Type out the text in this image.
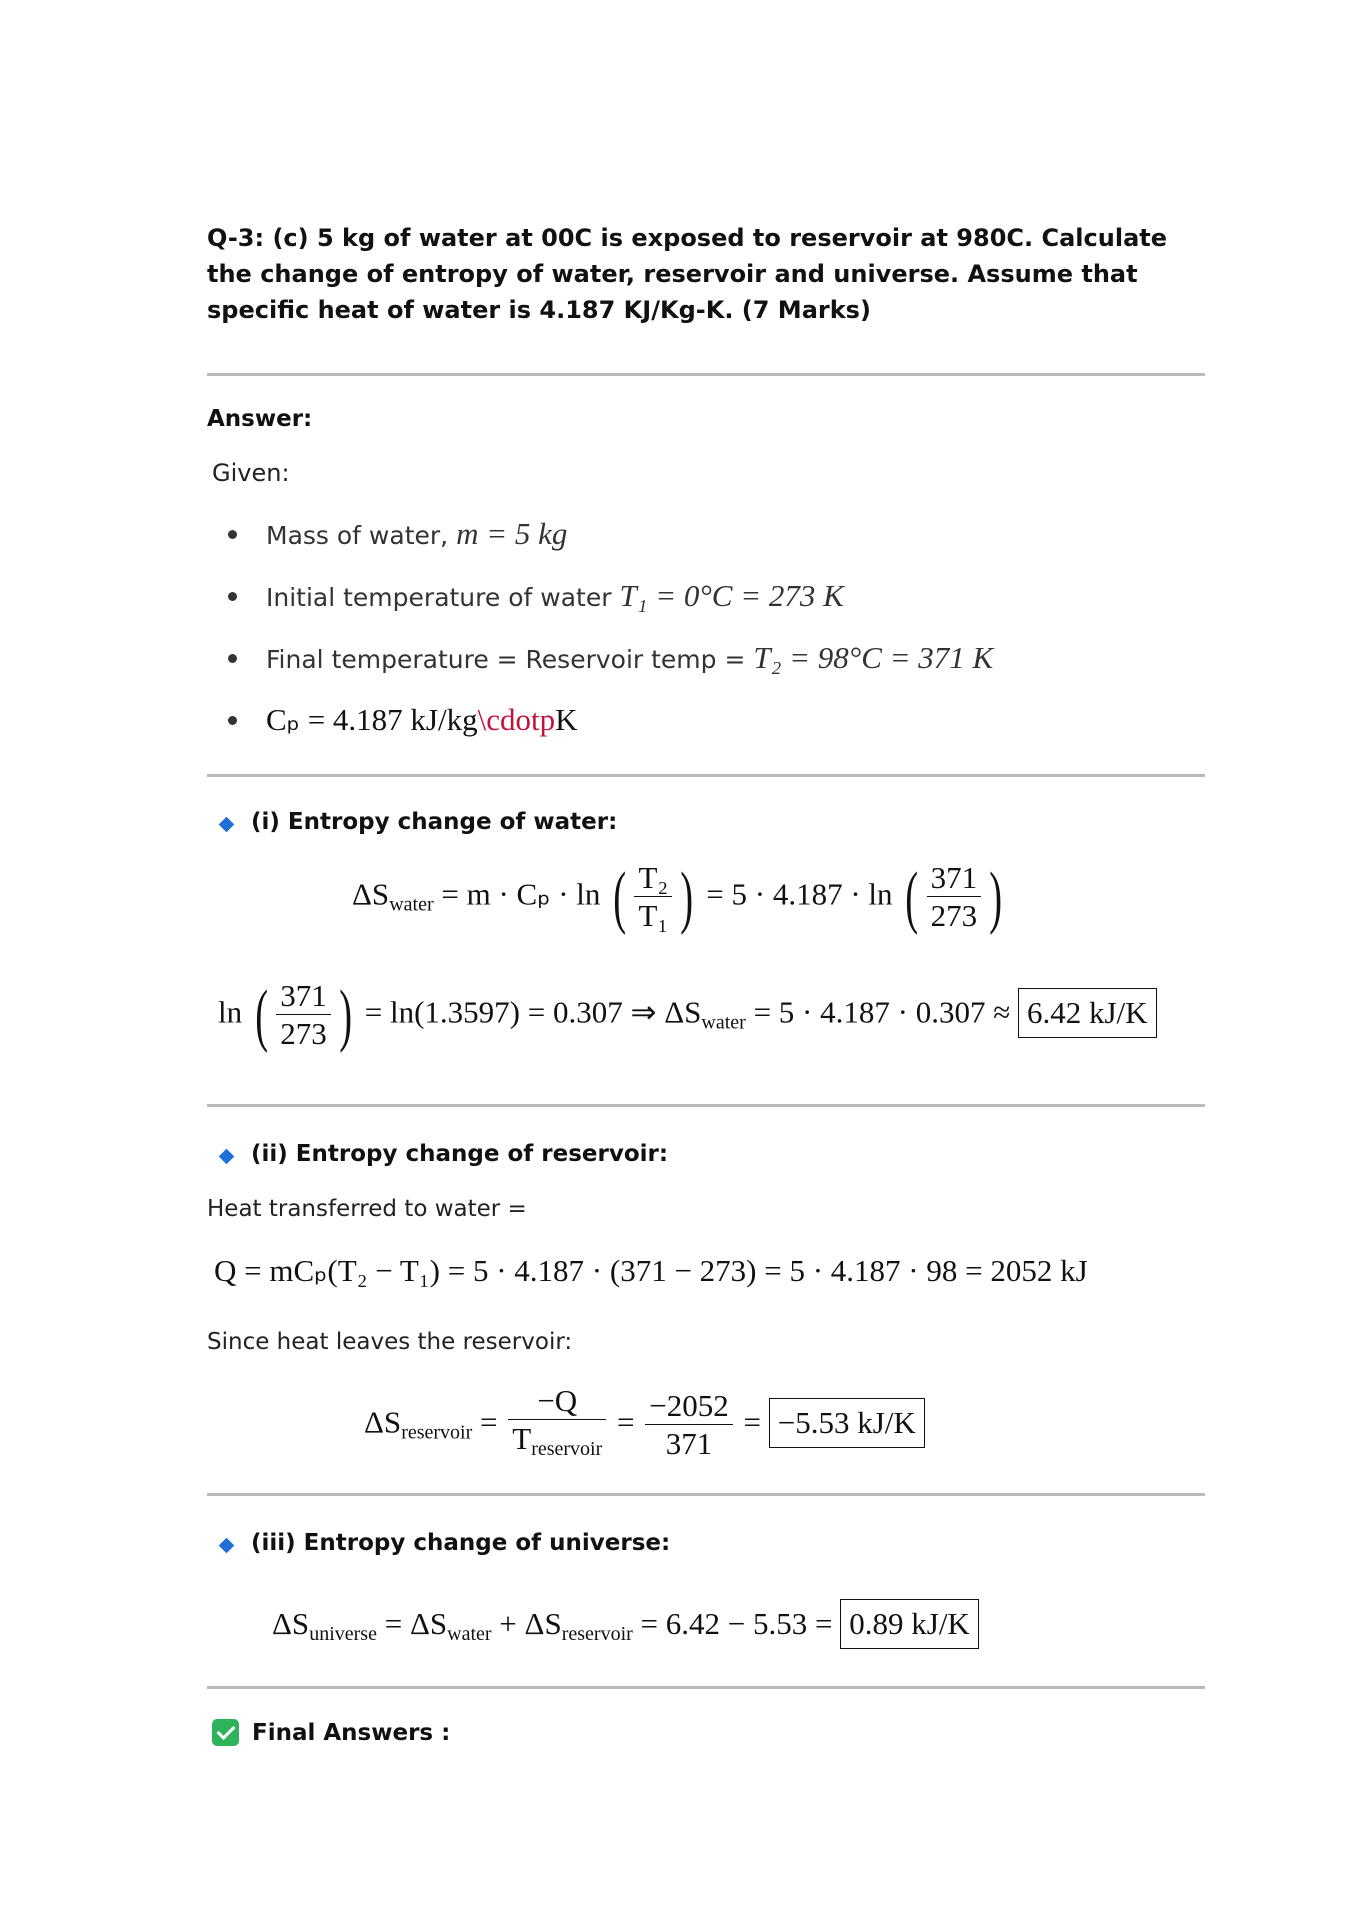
Q-3: (c) 5 kg of water at 00C is exposed to reservoir at 980C. Calculate the change of entropy of water, reservoir and universe. Assume that specific heat of water is 4.187 KJ/Kg-K. (7 Marks)
Answer:
Given:
Mass of water, m = 5 kg
Initial temperature of water T₁ = 0°C = 273 K
Final temperature = Reservoir temp = T₂ = 98°C = 371 K
Cₚ = 4.187 kJ/kg\cdotpK
(i) Entropy change of water:
$\Delta S_{water} = m \cdot C_p \cdot \ln$ ( $\frac{\text{T₂}}{\text{T₁}}$ ) = 5 · 4.187 · ln ( $\frac{371}{273}$ )
ln ( $\frac{371}{273}$ ) = ln(1.3597) = 0.307 ⇒ $\Delta S_{water} = 5 \cdot 4.187 \cdot 0.307 \approx 6.42$ kJ/K
(ii) Entropy change of reservoir:
Heat transferred to water =
Q = mCₚ(T₂ − T₁) = 5 · 4.187 · (371 − 273) = 5 · 4.187 · 98 = 2052 kJ
Since heat leaves the reservoir:
$\Delta S_{reservoir} = \frac{-Q}{T_{reservoir}} = \frac{-2052}{371} = -5.53$ kJ/K
(iii) Entropy change of universe:
$\Delta S_{universe} = \Delta S_{water} + \Delta S_{reservoir} = 6.42 - 5.53 = 0.89$ kJ/K
Final Answers :
